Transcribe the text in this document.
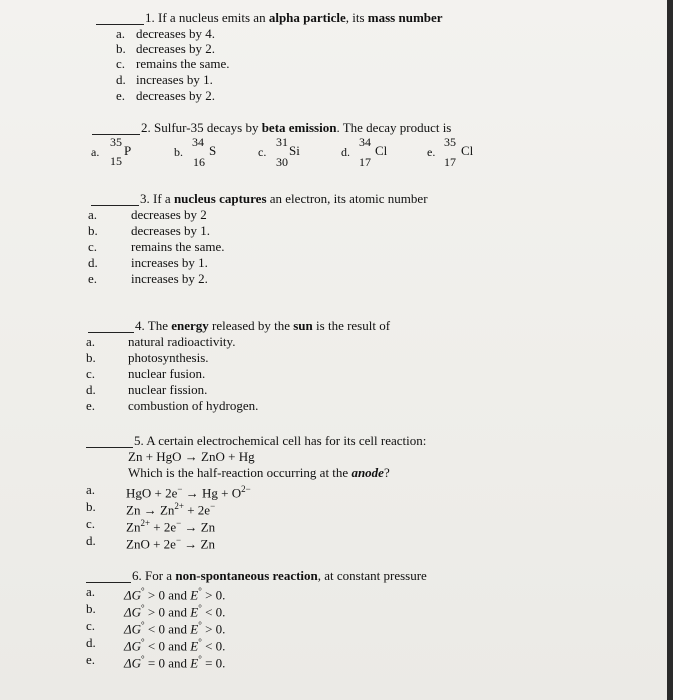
1. If a nucleus emits an alpha particle, its mass number
a. decreases by 4.
b. decreases by 2.
c. remains the same.
d. increases by 1.
e. decreases by 2.
2. Sulfur-35 decays by beta emission. The decay product is
a.
35
P
15
b.
34
S
16
c.
31
Si
30
d.
34
Cl
17
e.
35
Cl
17
3. If a nucleus captures an electron, its atomic number
a.	decreases by 2
b.	decreases by 1.
c.	remains the same.
d.	increases by 1.
e.	increases by 2.
4. The energy released by the sun is the result of
a.	natural radioactivity.
b. photosynthesis.
c.	nuclear fusion.
d. nuclear fission.
e.	combustion of hydrogen.
5. A certain electrochemical cell has for its cell reaction:
Zn + HgO → ZnO + Hg
Which is the half-reaction occurring at the anode?
a. HgO + $2e^- \to Hg + O^{2-}$
b. $Zn \to Zn^{2+} + 2e^-$
c. $Zn^{2+} + 2e^- \to Zn$
d. ZnO + 2e− → Zn
6. For a non-spontaneous reaction, at constant pressure
a. ΔG° > 0 and E° > 0.
b. ΔG° > 0 and E° < 0.
c. ΔG° < 0 and E° > 0.
d. ΔG° < 0 and E° < 0.
e. ΔG° = 0 and E° = 0.
